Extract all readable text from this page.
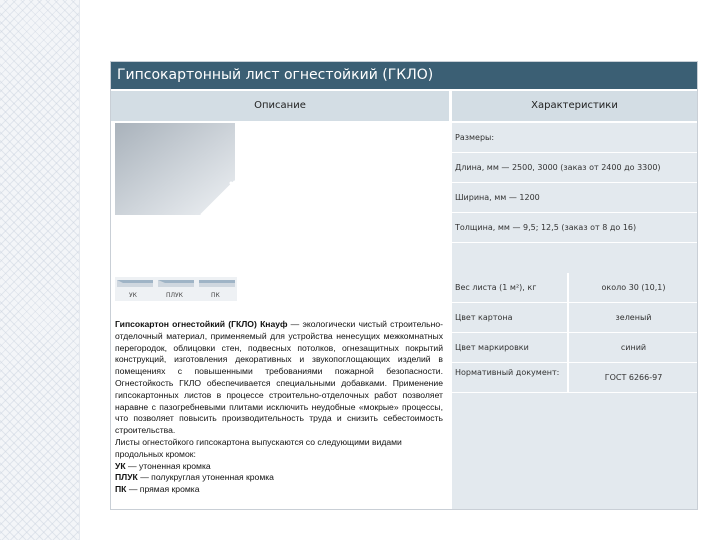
Гипсокартонный лист огнестойкий (ГКЛО)
Описание	Характеристики
УК	ПЛУК	ПК

Гипсокартон огнестойкий (ГКЛО) Кнауф — экологически чистый строительно-отделочный материал, применяемый для устройства ненесущих межкомнатных перегородок, облицовки стен, подвесных потолков, огнезащитных покрытий конструкций, изготовления декоративных и звукопоглощающих изделий в помещениях с повышенными требованиями пожарной безопасности. Огнестойкость ГКЛО обеспечивается специальными добавками. Применение гипсокартонных листов в процессе строительно-отделочных работ позволяет наравне с пазогребневыми плитами исключить неудобные «мокрые» процессы, что позволяет повысить производительность труда и снизить себестоимость строительства.

Листы огнестойкого гипсокартона выпускаются со следующими видами продольных кромок:

УК — утоненная кромка

ПЛУК — полукруглая утоненная кромка

ПК — прямая кромка

Размеры:
Длина, мм — 2500, 3000 (заказ от 2400 до 3300)
Ширина, мм — 1200
Толщина, мм — 9,5; 12,5 (заказ от 8 до 16)
Вес листа (1 м²), кг	около 30 (10,1)
Цвет картона	зеленый
Цвет маркировки	синий
Нормативный документ:
ГОСТ 6266-97
